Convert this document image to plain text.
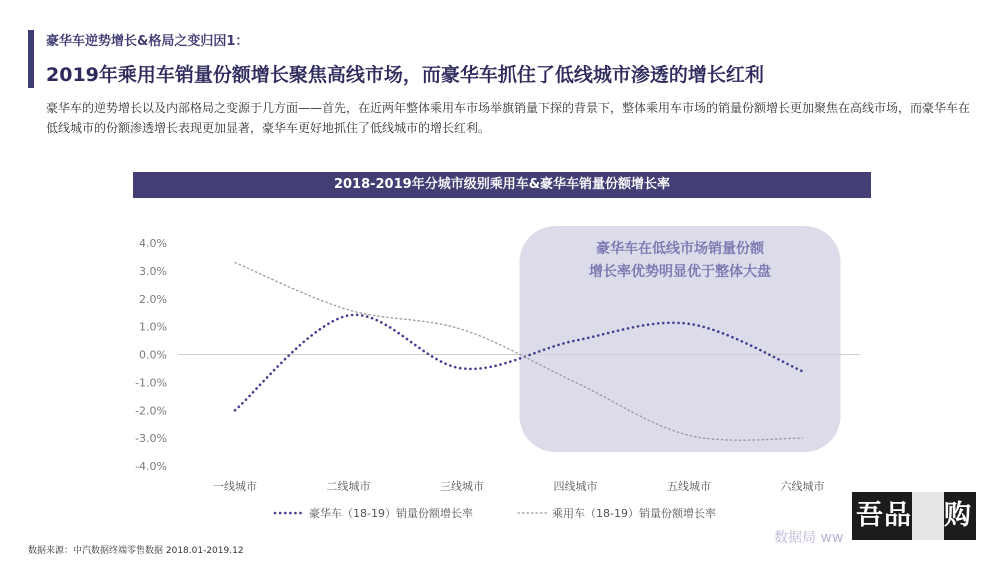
豪华车逆势增长&格局之变归因1：
2019年乘用车销量份额增长聚焦高线市场，而豪华车抓住了低线城市渗透的增长红利
豪华车的逆势增长以及内部格局之变源于几方面——首先，在近两年整体乘用车市场举旗销量下探的背景下，整体乘用车市场的销量份额增长更加聚焦在高线市场，而豪华车在低线城市的份额渗透增长表现更加显著，豪华车更好地抓住了低线城市的增长红利。
2018-2019年分城市级别乘用车&豪华车销量份额增长率
豪华车在低线市场销量份额
增长率优势明显优于整体大盘
4.0%
3.0%
2.0%
1.0%
0.0%
-1.0%
-2.0%
-3.0%
-4.0%
一线城市	二线城市	三线城市	四线城市	五线城市	六线城市
豪华车（18-19）销量份额增长率	乘用车（18-19）销量份额增长率
数据来源：中汽数据终端零售数据 2018.01-2019.12
数据局 ww
吾品 购
